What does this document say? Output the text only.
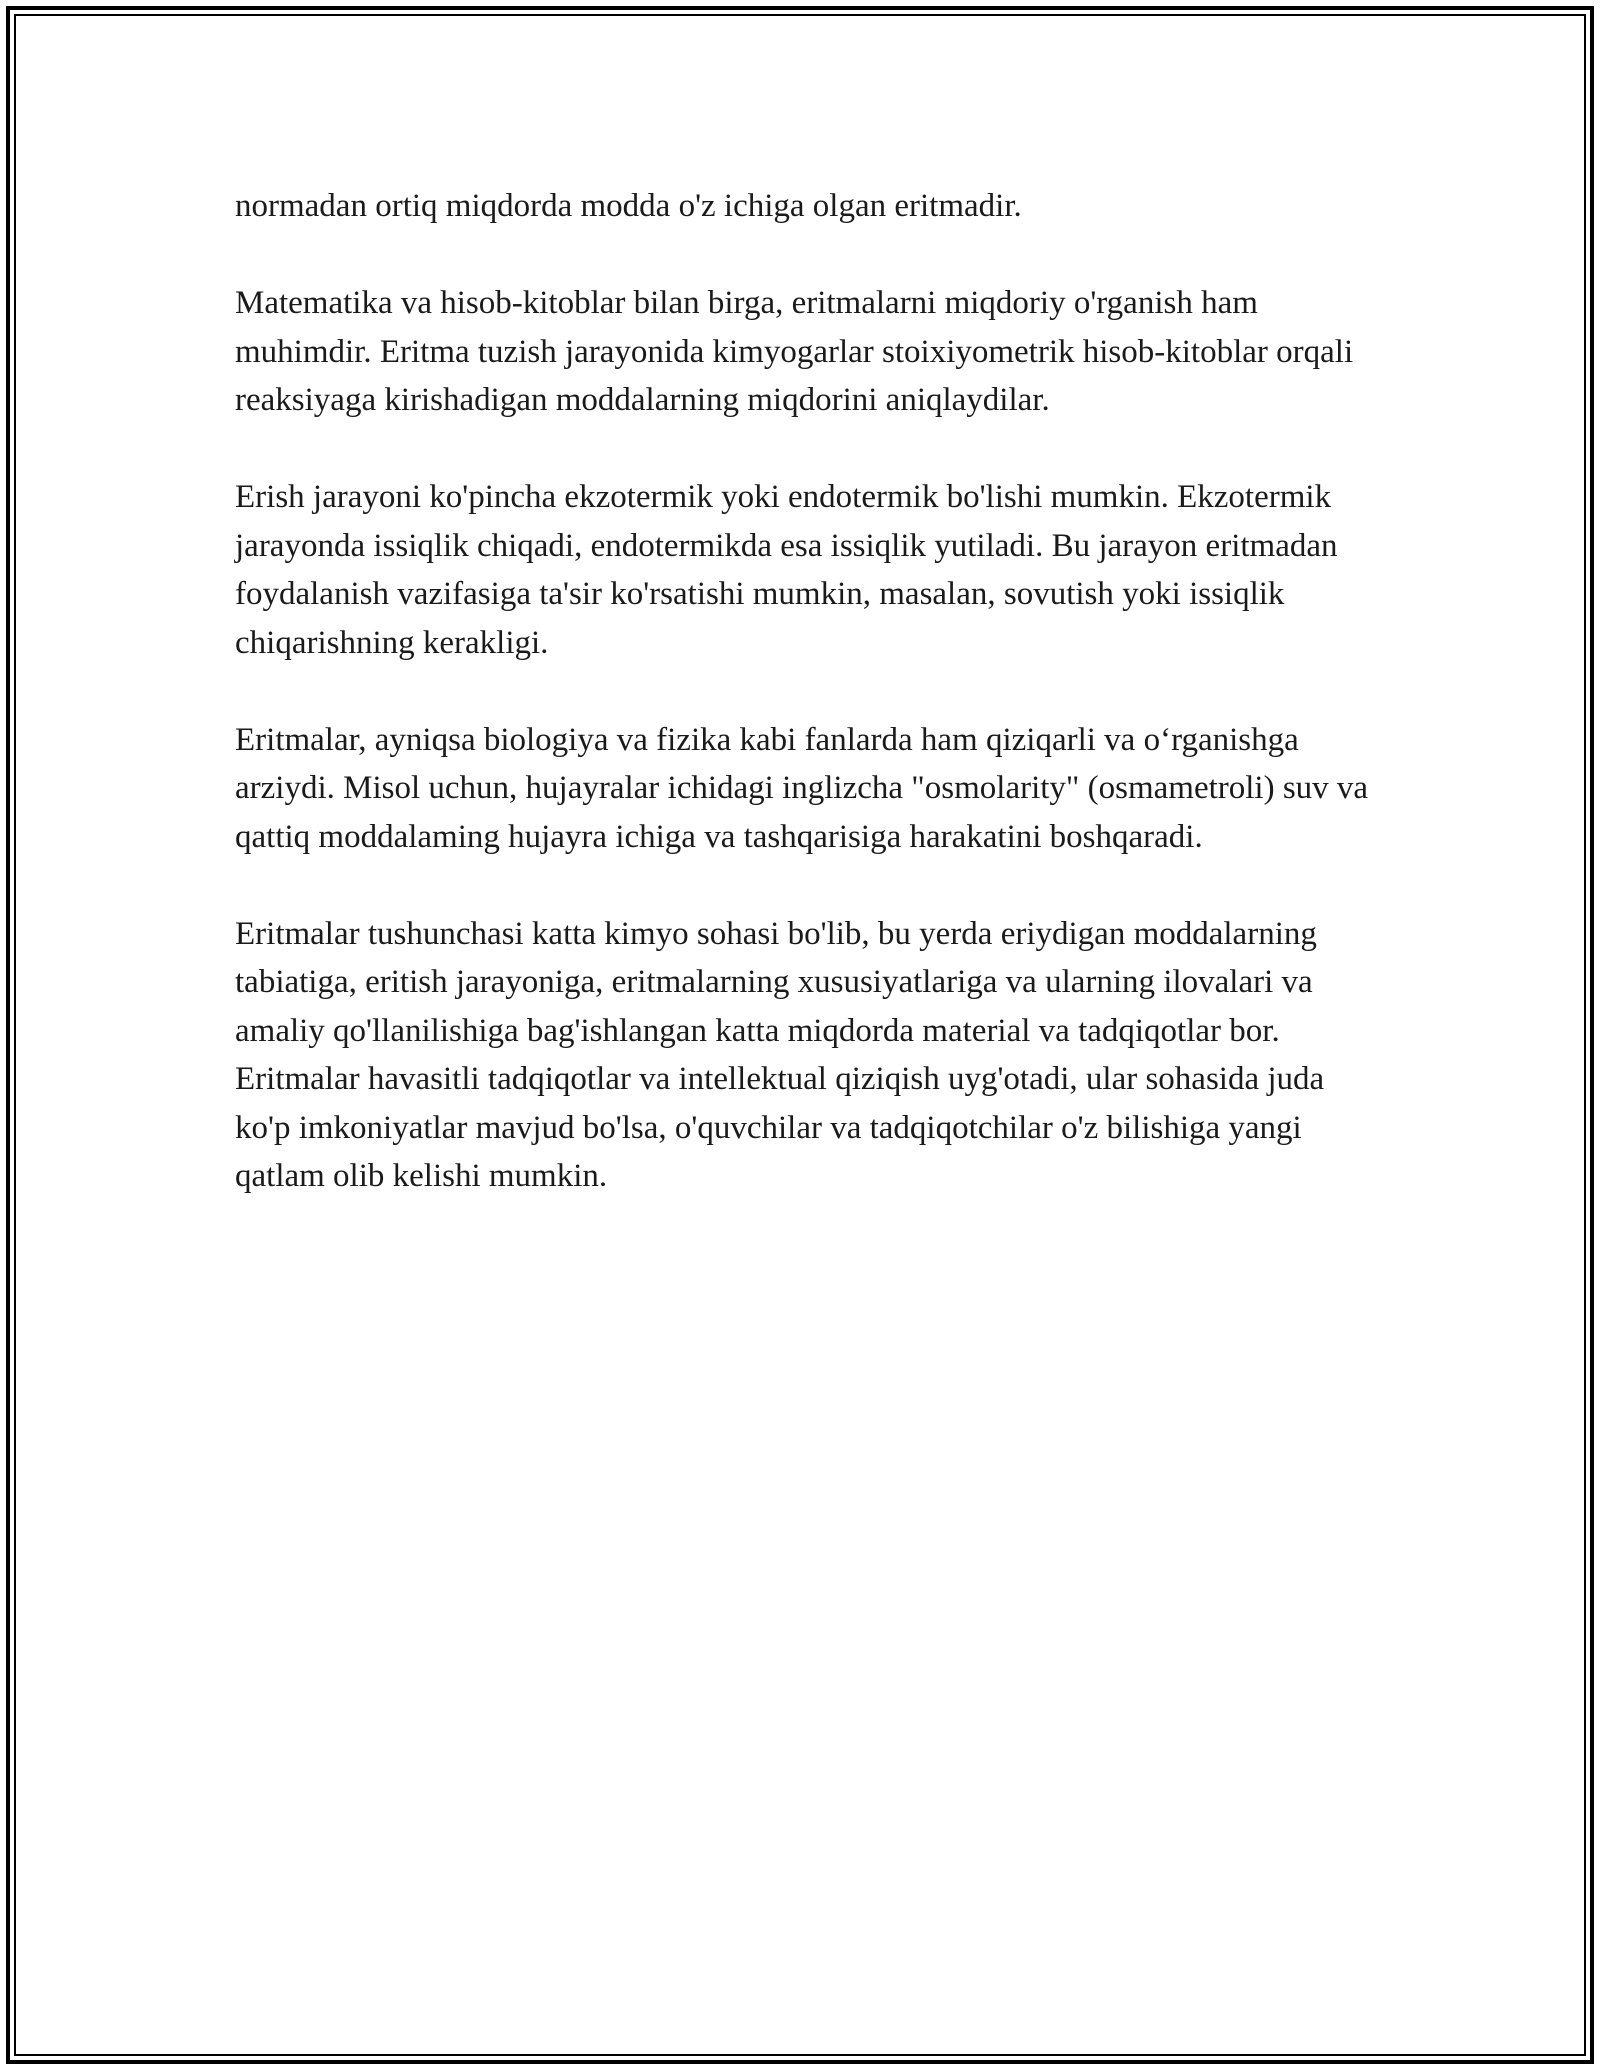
normadan ortiq miqdorda modda o'z ichiga olgan eritmadir.

Matematika va hisob-kitoblar bilan birga, eritmalarni miqdoriy o'rganish ham muhimdir. Eritma tuzish jarayonida kimyogarlar stoixiyometrik hisob-kitoblar orqali reaksiyaga kirishadigan moddalarning miqdorini aniqlaydilar.

Erish jarayoni ko'pincha ekzotermik yoki endotermik bo'lishi mumkin. Ekzotermik jarayonda issiqlik chiqadi, endotermikda esa issiqlik yutiladi. Bu jarayon eritmadan foydalanish vazifasiga ta'sir ko'rsatishi mumkin, masalan, sovutish yoki issiqlik chiqarishning kerakligi.

Eritmalar, ayniqsa biologiya va fizika kabi fanlarda ham qiziqarli va o‘rganishga arziydi. Misol uchun, hujayralar ichidagi inglizcha "osmolarity" (osmametroli) suv va qattiq moddalaming hujayra ichiga va tashqarisiga harakatini boshqaradi.

Eritmalar tushunchasi katta kimyo sohasi bo'lib, bu yerda eriydigan moddalarning tabiatiga, eritish jarayoniga, eritmalarning xususiyatlariga va ularning ilovalari va amaliy qo'llanilishiga bag'ishlangan katta miqdorda material va tadqiqotlar bor. Eritmalar havasitli tadqiqotlar va intellektual qiziqish uyg'otadi, ular sohasida juda ko'p imkoniyatlar mavjud bo'lsa, o'quvchilar va tadqiqotchilar o'z bilishiga yangi qatlam olib kelishi mumkin.
